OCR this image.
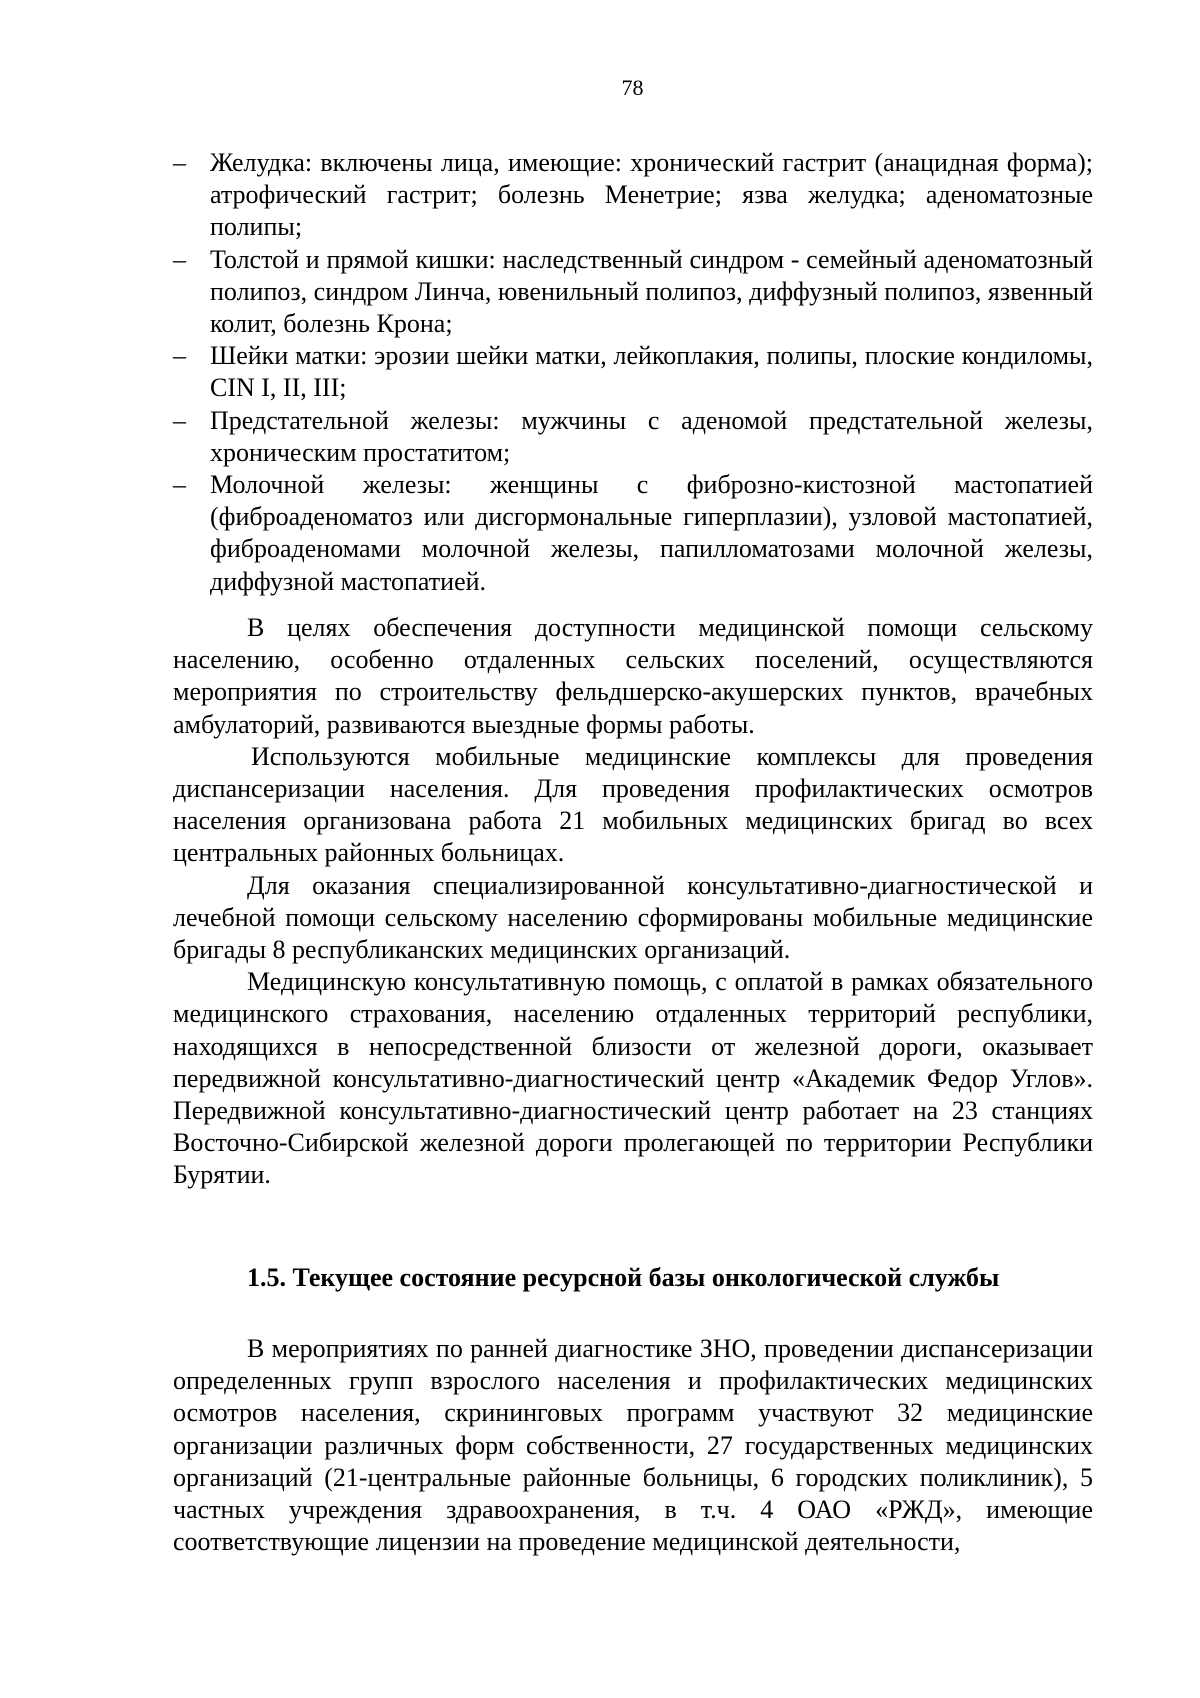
78

– Желудка: включены лица, имеющие: хронический гастрит (анацидная форма); атрофический гастрит; болезнь Менетрие; язва желудка; аденоматозные полипы;

– Толстой и прямой кишки: наследственный синдром - семейный аденоматозный полипоз, синдром Линча, ювенильный полипоз, диффузный полипоз, язвенный колит, болезнь Крона;

– Шейки матки: эрозии шейки матки, лейкоплакия, полипы, плоские кондиломы, CIN I, II, III;

– Предстательной железы: мужчины с аденомой предстательной железы, хроническим простатитом;

– Молочной железы: женщины с фиброзно-кистозной мастопатией (фиброаденоматоз или дисгормональные гиперплазии), узловой мастопатией, фиброаденомами молочной железы, папилломатозами молочной железы, диффузной мастопатией.

В целях обеспечения доступности медицинской помощи сельскому населению, особенно отдаленных сельских поселений, осуществляются мероприятия по строительству фельдшерско-акушерских пунктов, врачебных амбулаторий, развиваются выездные формы работы.

Используются мобильные медицинские комплексы для проведения диспансеризации населения. Для проведения профилактических осмотров населения организована работа 21 мобильных медицинских бригад во всех центральных районных больницах.

Для оказания специализированной консультативно-диагностической и лечебной помощи сельскому населению сформированы мобильные медицинские бригады 8 республиканских медицинских организаций.

Медицинскую консультативную помощь, с оплатой в рамках обязательного медицинского страхования, населению отдаленных территорий республики, находящихся в непосредственной близости от железной дороги, оказывает передвижной консультативно-диагностический центр «Академик Федор Углов». Передвижной консультативно-диагностический центр работает на 23 станциях Восточно-Сибирской железной дороги пролегающей по территории Республики Бурятии.

1.5. Текущее состояние ресурсной базы онкологической службы

В мероприятиях по ранней диагностике ЗНО, проведении диспансеризации определенных групп взрослого населения и профилактических медицинских осмотров населения, скрининговых программ участвуют 32 медицинские организации различных форм собственности, 27 государственных медицинских организаций (21-центральные районные больницы, 6 городских поликлиник), 5 частных учреждения здравоохранения, в т.ч. 4 ОАО «РЖД», имеющие соответствующие лицензии на проведение медицинской деятельности,
